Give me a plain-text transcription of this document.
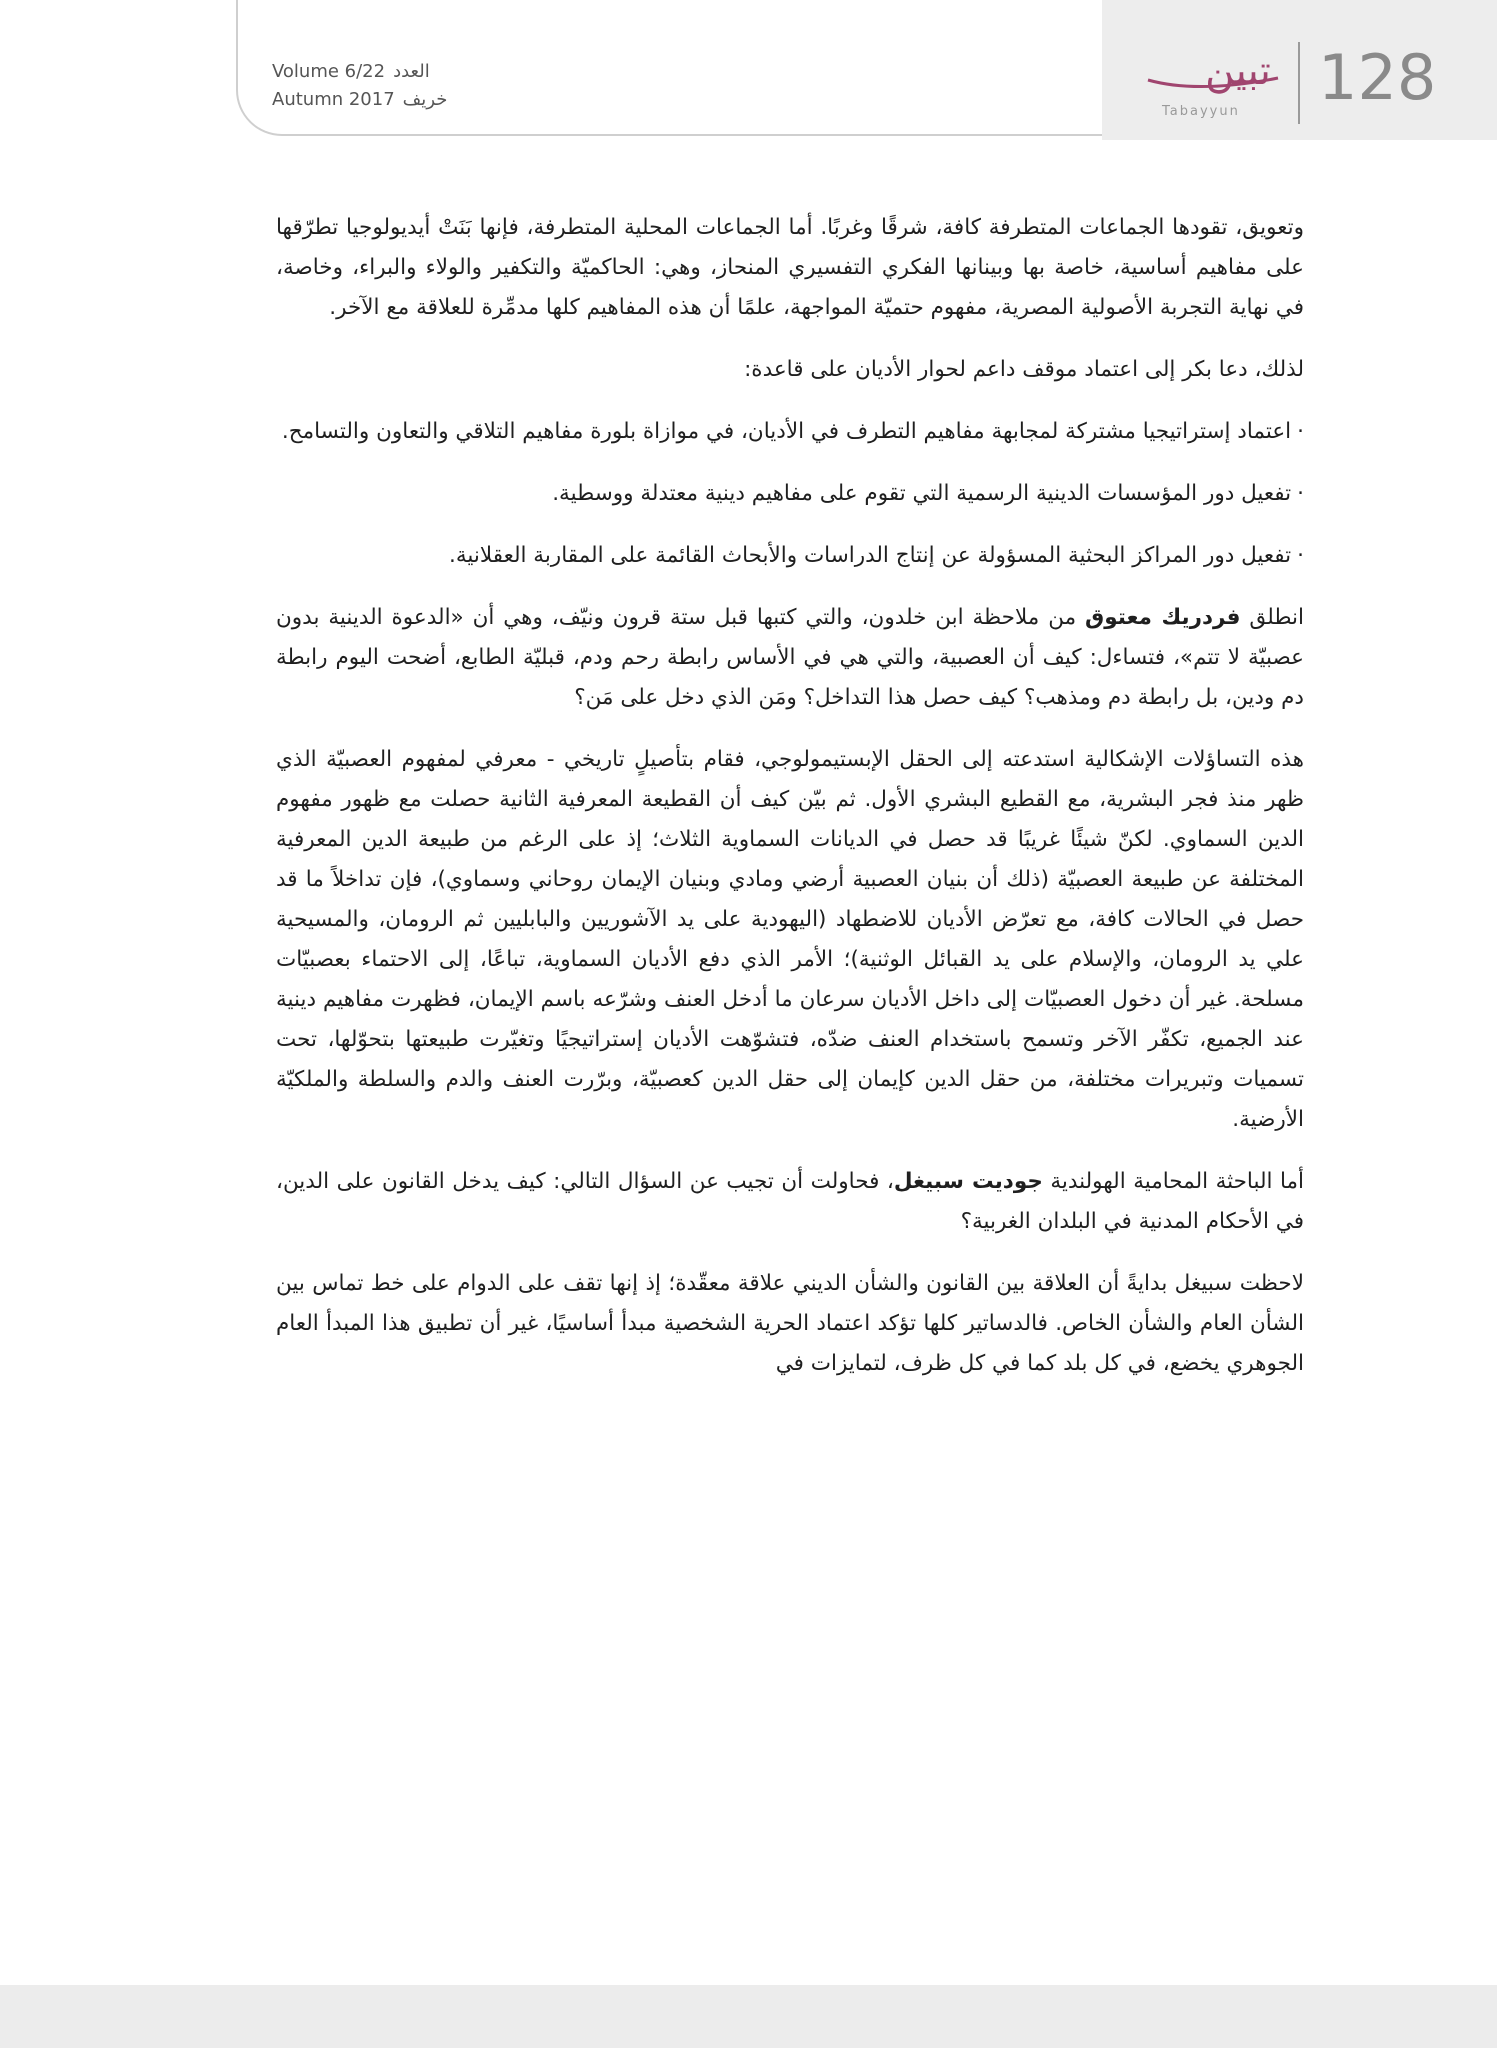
Volume 6/22 العدد
Autumn 2017 خريف
تبين
Tabayyun 128

وتعويق، تقودها الجماعات المتطرفة كافة، شرقًا وغربًا. أما الجماعات المحلية المتطرفة، فإنها بَنَتْ أيديولوجيا تطرّقها على مفاهيم أساسية، خاصة بها وبينانها الفكري التفسيري المنحاز، وهي: الحاكميّة والتكفير والولاء والبراء، وخاصة، في نهاية التجربة الأصولية المصرية، مفهوم حتميّة المواجهة، علمًا أن هذه المفاهيم كلها مدمِّرة للعلاقة مع الآخر.

لذلك، دعا بكر إلى اعتماد موقف داعم لحوار الأديان على قاعدة:

·اعتماد إستراتيجيا مشتركة لمجابهة مفاهيم التطرف في الأديان، في موازاة بلورة مفاهيم التلاقي والتعاون والتسامح.
·تفعيل دور المؤسسات الدينية الرسمية التي تقوم على مفاهيم دينية معتدلة ووسطية.
·تفعيل دور المراكز البحثية المسؤولة عن إنتاج الدراسات والأبحاث القائمة على المقاربة العقلانية.

انطلق فردريك معتوق من ملاحظة ابن خلدون، والتي كتبها قبل ستة قرون ونيّف، وهي أن «الدعوة الدينية بدون عصبيّة لا تتم»، فتساءل: كيف أن العصبية، والتي هي في الأساس رابطة رحم ودم، قبليّة الطابع، أضحت اليوم رابطة دم ودين، بل رابطة دم ومذهب؟ كيف حصل هذا التداخل؟ ومَن الذي دخل على مَن؟

هذه التساؤلات الإشكالية استدعته إلى الحقل الإبستيمولوجي، فقام بتأصيلٍ تاريخي - معرفي لمفهوم العصبيّة الذي ظهر منذ فجر البشرية، مع القطيع البشري الأول. ثم بيّن كيف أن القطيعة المعرفية الثانية حصلت مع ظهور مفهوم الدين السماوي. لكنّ شيئًا غريبًا قد حصل في الديانات السماوية الثلاث؛ إذ على الرغم من طبيعة الدين المعرفية المختلفة عن طبيعة العصبيّة (ذلك أن بنيان العصبية أرضي ومادي وبنيان الإيمان روحاني وسماوي)، فإن تداخلاً ما قد حصل في الحالات كافة، مع تعرّض الأديان للاضطهاد (اليهودية على يد الآشوريين والبابليين ثم الرومان، والمسيحية علي يد الرومان، والإسلام على يد القبائل الوثنية)؛ الأمر الذي دفع الأديان السماوية، تباعًا، إلى الاحتماء بعصبيّات مسلحة. غير أن دخول العصبيّات إلى داخل الأديان سرعان ما أدخل العنف وشرّعه باسم الإيمان، فظهرت مفاهيم دينية عند الجميع، تكفّر الآخر وتسمح باستخدام العنف ضدّه، فتشوّهت الأديان إستراتيجيًا وتغيّرت طبيعتها بتحوّلها، تحت تسميات وتبريرات مختلفة، من حقل الدين كإيمان إلى حقل الدين كعصبيّة، وبرّرت العنف والدم والسلطة والملكيّة الأرضية.

أما الباحثة المحامية الهولندية جوديت سبيغل، فحاولت أن تجيب عن السؤال التالي: كيف يدخل القانون على الدين، في الأحكام المدنية في البلدان الغربية؟

لاحظت سبيغل بدايةً أن العلاقة بين القانون والشأن الديني علاقة معقّدة؛ إذ إنها تقف على الدوام على خط تماس بين الشأن العام والشأن الخاص. فالدساتير كلها تؤكد اعتماد الحرية الشخصية مبدأ أساسيًا، غير أن تطبيق هذا المبدأ العام الجوهري يخضع، في كل بلد كما في كل ظرف، لتمايزات في
